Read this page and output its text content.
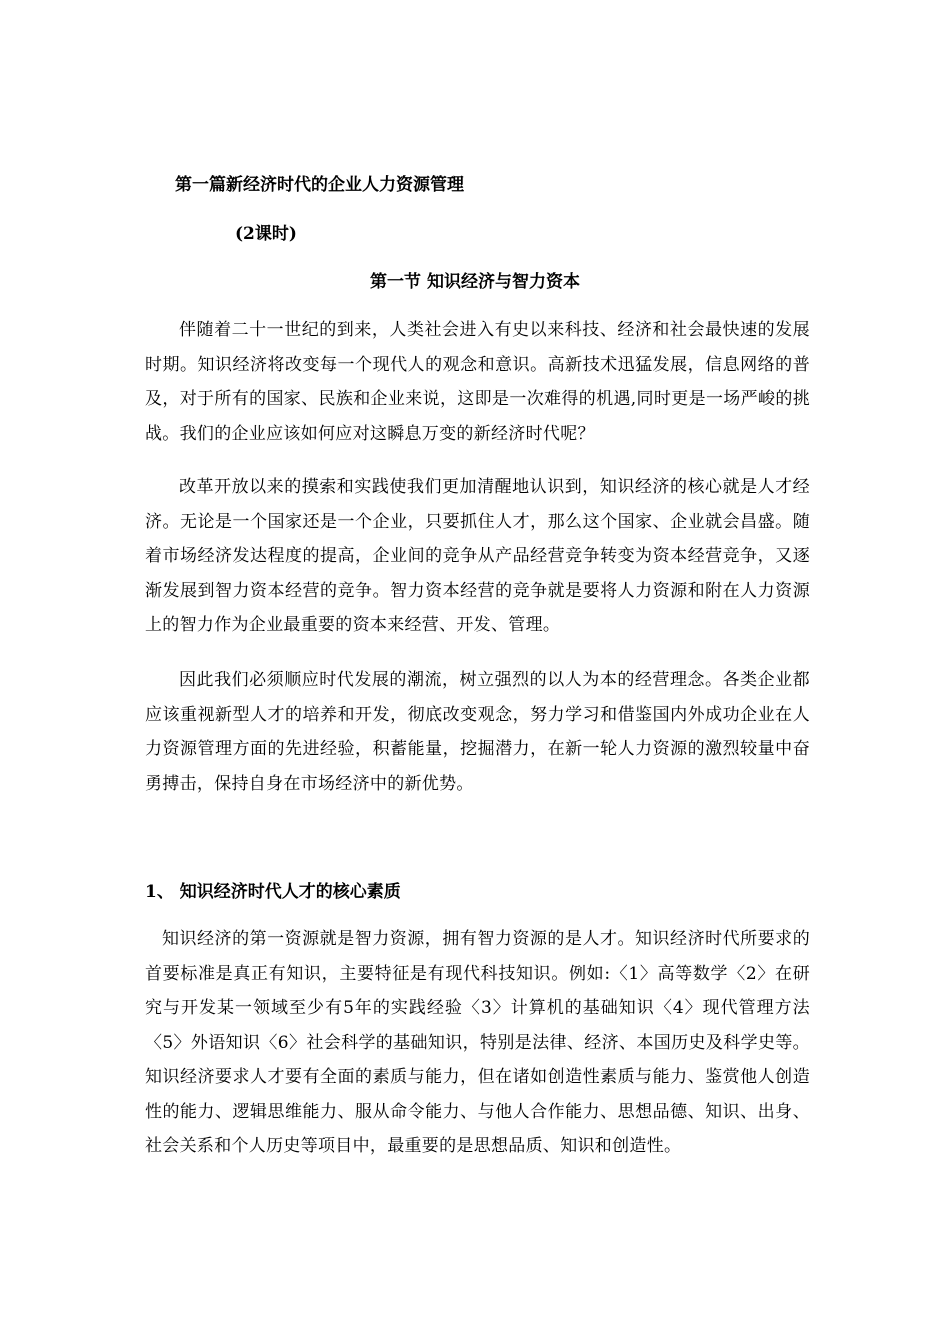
第一篇新经济时代的企业人力资源管理
(2课时)
第一节 知识经济与智力资本
伴随着二十一世纪的到来，人类社会进入有史以来科技、经济和社会最快速的发展时期。知识经济将改变每一个现代人的观念和意识。高新技术迅猛发展，信息网络的普及，对于所有的国家、民族和企业来说，这即是一次难得的机遇,同时更是一场严峻的挑战。我们的企业应该如何应对这瞬息万变的新经济时代呢？
改革开放以来的摸索和实践使我们更加清醒地认识到，知识经济的核心就是人才经济。无论是一个国家还是一个企业，只要抓住人才，那么这个国家、企业就会昌盛。随着市场经济发达程度的提高，企业间的竞争从产品经营竞争转变为资本经营竞争，又逐渐发展到智力资本经营的竞争。智力资本经营的竞争就是要将人力资源和附在人力资源上的智力作为企业最重要的资本来经营、开发、管理。
因此我们必须顺应时代发展的潮流，树立强烈的以人为本的经营理念。各类企业都应该重视新型人才的培养和开发，彻底改变观念，努力学习和借鉴国内外成功企业在人力资源管理方面的先进经验，积蓄能量，挖掘潜力，在新一轮人力资源的激烈较量中奋勇搏击，保持自身在市场经济中的新优势。
1、 知识经济时代人才的核心素质
知识经济的第一资源就是智力资源，拥有智力资源的是人才。知识经济时代所要求的首要标准是真正有知识，主要特征是有现代科技知识。例如:〈1〉高等数学〈2〉在研究与开发某一领域至少有5年的实践经验〈3〉计算机的基础知识〈4〉现代管理方法〈5〉外语知识〈6〉社会科学的基础知识，特别是法律、经济、本国历史及科学史等。知识经济要求人才要有全面的素质与能力，但在诸如创造性素质与能力、鉴赏他人创造性的能力、逻辑思维能力、服从命令能力、与他人合作能力、思想品德、知识、出身、社会关系和个人历史等项目中，最重要的是思想品质、知识和创造性。
